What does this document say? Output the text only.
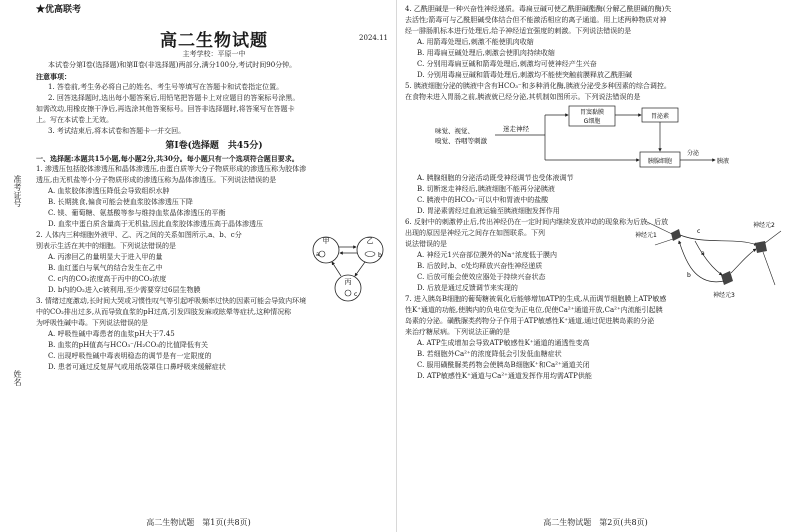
准考证号
姓名
★优高联考
高二生物试题	2024.11
主考学校：平原一中
本试卷分第Ⅰ卷(选择题)和第Ⅱ卷(非选择题)两部分,满分100分,考试时间90分钟。
注意事项：
1. 答卷前,考生务必将自己的姓名、考生号等填写在答题卡和试卷指定位置。
2. 回答选择题时,选出每小题答案后,用铅笔把答题卡上对应题目的答案标号涂黑。
如需改动,用橡皮擦干净后,再选涂其他答案标号。回答非选择题时,将答案写在答题卡
上。写在本试卷上无效。
3. 考试结束后,将本试卷和答题卡一并交回。
第Ⅰ卷(选择题　共45分)
一、选择题:本题共15小题,每小题2分,共30分。每小题只有一个选项符合题目要求。
1. 渗透压包括胶体渗透压和晶体渗透压,由蛋白质等大分子物质形成的渗透压称为胶体渗
透压,由无机盐等小分子物质形成的渗透压称为晶体渗透压。下列说法错误的是
A. 血浆胶体渗透压降低会导致组织水肿
B. 长期挑食,偏食可能会使血浆胶体渗透压下降
C. 镁、葡萄糖、氨基酸等参与维持血浆晶体渗透压的平衡
D. 血浆中蛋白质含量高于无机盐,因此血浆胶体渗透压高于晶体渗透压
2. 人体内三种细胞外液甲、乙、丙之间的关系如图所示,a、b、c分
别表示生活在其中的细胞。下列说法错误的是
A. 丙渗回乙的量明显大于进入甲的量
B. 血红蛋白与氧气的结合发生在乙中
C. c内的CO₂浓度高于丙中的CO₂浓度
D. b内的O₂进入c被利用,至少需要穿过6层生物膜
甲	乙
丙
a	b
c
3. 情绪过度激动,长时间大哭或习惯性叹气等引起呼吸频率过快的因素可能会导致内环境
中的CO₂排出过多,从而导致血浆的pH过高,引发四肢发麻或眩晕等症状,这种情况称
为呼吸性碱中毒。下列说法错误的是
A. 呼吸性碱中毒患者的血浆pH大于7.45
B. 血浆的pH值高与HCO₃⁻/H₂CO₃的比值降低有关
C. 出现呼吸性碱中毒表明稳态的调节是有一定限度的
D. 患者可通过反复屏气或用纸袋罩住口鼻呼吸来缓解症状
高二生物试题　第1页(共8页)
4. 乙酰胆碱是一种兴奋性神经递质。毒扁豆碱可使乙酰胆碱酯酶(分解乙酰胆碱的酶)失
去活性;箭毒可与乙酰胆碱受体结合但不能激活相应的离子通道。用上述两种物质对神
经一腓肠肌标本进行处理后,给予神经适宜强度的刺激。下列说法错误的是
A. 用箭毒处理后,刺激不能使肌肉收缩
B. 用毒扁豆碱处理后,刺激会使肌肉持续收缩
C. 分别用毒扁豆碱和箭毒处理后,刺激均可使神经产生兴奋
D. 分别用毒扁豆碱和箭毒处理后,刺激均不能使突触前膜释放乙酰胆碱
5. 胰液细胞分泌的胰液中含有HCO₃⁻和多种消化酶,胰液分泌受多种因素的综合调控。
在食物未进入胃肠之前,胰液就已经分泌,其机制如图所示。下列说法错误的是
味觉、视觉、
嗅觉、吞咽等刺激
迷走神经
胃窦黏膜
G细胞
胃泌素
胰腺细胞
分泌
胰液
A. 胰腺细胞的分泌活动既受神经调节也受体液调节
B. 切断迷走神经后,胰液细胞不能再分泌胰液
C. 胰液中的HCO₃⁻可以中和胃液中的盐酸
D. 胃泌素需经过血液运输至胰液细胞发挥作用
6. 反射中的刺激停止后,传出神经仍在一定时间内继续发放冲动的现象称为后放。后放
出现的原因是神经元之间存在如图联系。下列
说法错误的是
A. 神经元1兴奋部位膜外的Na⁺浓度低于膜内
B. 后放时,b、c处均释放兴奋性神经递质
C. 后放可能会使效应器处于持续兴奋状态
D. 后放是通过反馈调节来实现的
神经元1
神经元2
神经元3
a
b
c
7. 进入胰岛B细胞的葡萄糖被氧化后能够增加ATP的生成,从而调节细胞膜上ATP敏感
性K⁺通道的功能,使胰内的负电位变为正电位,促使Ca²⁺通道开放,Ca²⁺内流能引起胰
岛素的分泌。磺酰脲类药物分子作用于ATP敏感性K⁺通道,通过促进胰岛素的分泌
来治疗糖尿病。下列说法正确的是
A. ATP生成增加会导致ATP敏感性K⁺通道的通透性变高
B. 若细胞外Ca²⁺的浓度降低会引发低血糖症状
C. 服用磺酰脲类药物会使胰岛B细胞K⁺和Ca²⁺通道关闭
D. ATP敏感性K⁺通道与Ca²⁺通道发挥作用均需ATP供能
高二生物试题　第2页(共8页)
